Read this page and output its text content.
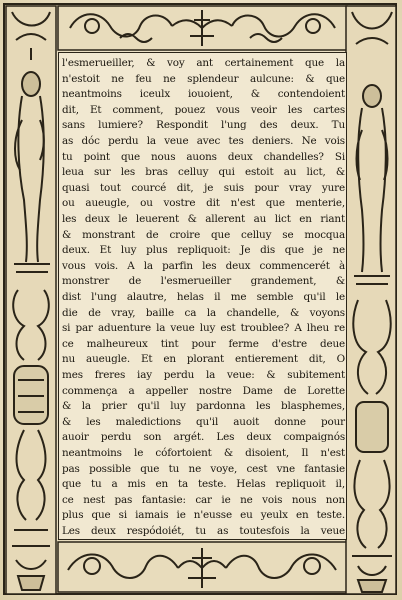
l'esmerueiller, & voy ant certainement que la
n'estoit ne feu ne splendeur aulcune: & que
neantmoins iceulx iouoient, & contendoient
dit, Et comment, pouez vous veoir les cartes
sans lumiere? Respondit l'ung des deux. Tu
as dóc perdu la veue avec tes deniers. Ne vois
tu point que nous auons deux chandelles? Si
leua sur les bras celluy qui estoit au lict, &
quasi tout courcé dit, je suis pour vray yure
ou aueugle, ou vostre dit n'est que menterie,
les deux le leuerent & allerent au lict en riant
& monstrant de croire que celluy se mocqua
deux. Et luy plus repliquoit: Je dis que je ne
vous vois. A la parfin les deux commencerét à
monstrer de l'esmerueiller grandement, &
dist l'ung alautre, helas il me semble qu'il le
die de vray, baille ca la chandelle, & voyons
si par aduenture la veue luy est troublee? A lheu re
ce malheureux tint pour ferme d'estre deue
nu aueugle. Et en plorant entierement dit, O
mes freres iay perdu la veue: & subitement
commença a appeller nostre Dame de Lorette
& la prier qu'il luy pardonna les blasphemes,
& les maledictions qu'il auoit donne pour
auoir perdu son argét. Les deux compaignós
neantmoins le cófortoient & disoient, Il n'est
pas possible que tu ne voye, cest vne fantasie
que tu a mis en ta teste. Helas repliquoit il,
ce nest pas fantasie: car ie ne vois nous non
plus que si iamais ie n'eusse eu yeulx en teste.
Les deux respódoiét, tu as toutesfois la veue
